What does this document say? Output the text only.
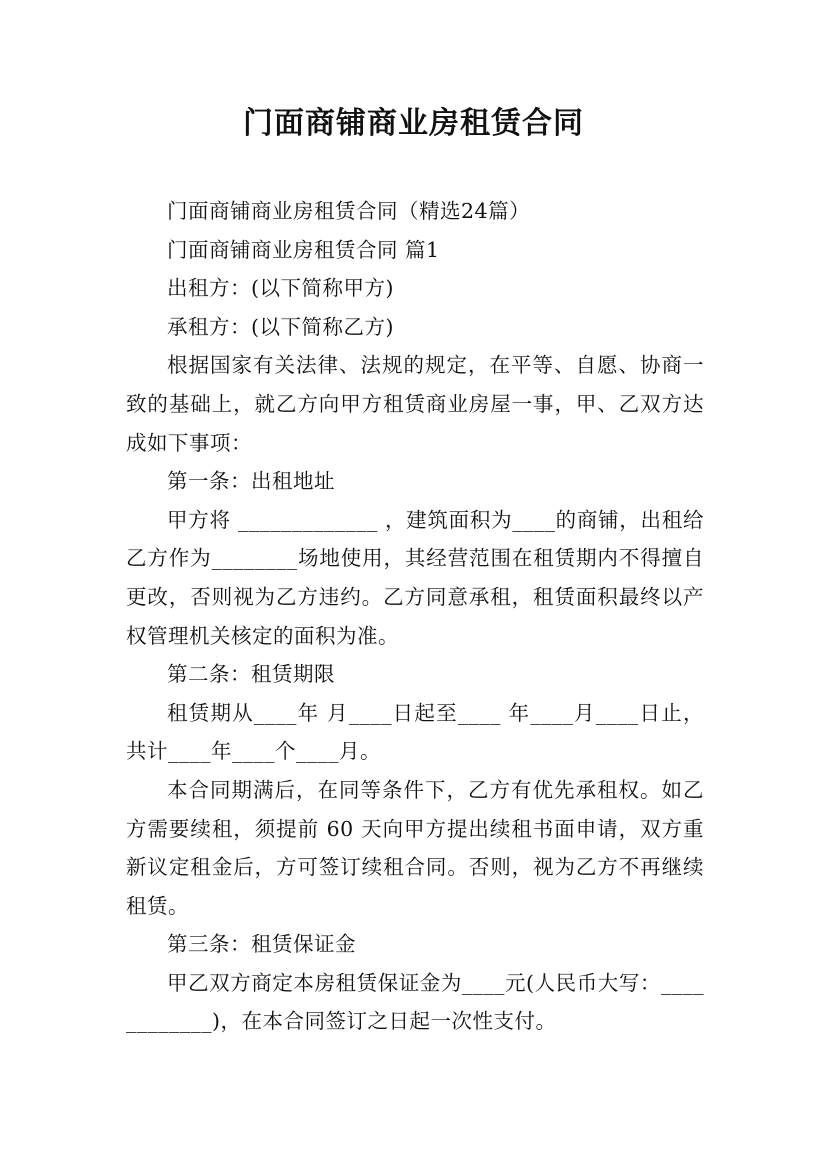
门面商铺商业房租赁合同

门面商铺商业房租赁合同（精选24篇）

门面商铺商业房租赁合同 篇1

出租方：(以下简称甲方)

承租方：(以下简称乙方)

根据国家有关法律、法规的规定，在平等、自愿、协商一致的基础上，就乙方向甲方租赁商业房屋一事，甲、乙双方达成如下事项：

第一条：出租地址

甲方将 _____________ ，建筑面积为____的商铺，出租给乙方作为________场地使用，其经营范围在租赁期内不得擅自更改，否则视为乙方违约。乙方同意承租，租赁面积最终以产权管理机关核定的面积为准。

第二条：租赁期限

租赁期从____年 月____日起至____ 年____月____日止，共计____年____个____月。

本合同期满后，在同等条件下，乙方有优先承租权。如乙方需要续租，须提前 60 天向甲方提出续租书面申请，双方重新议定租金后，方可签订续租合同。否则，视为乙方不再继续租赁。

第三条：租赁保证金

甲乙双方商定本房租赁保证金为____元(人民币大写：____________)，在本合同签订之日起一次性支付。
